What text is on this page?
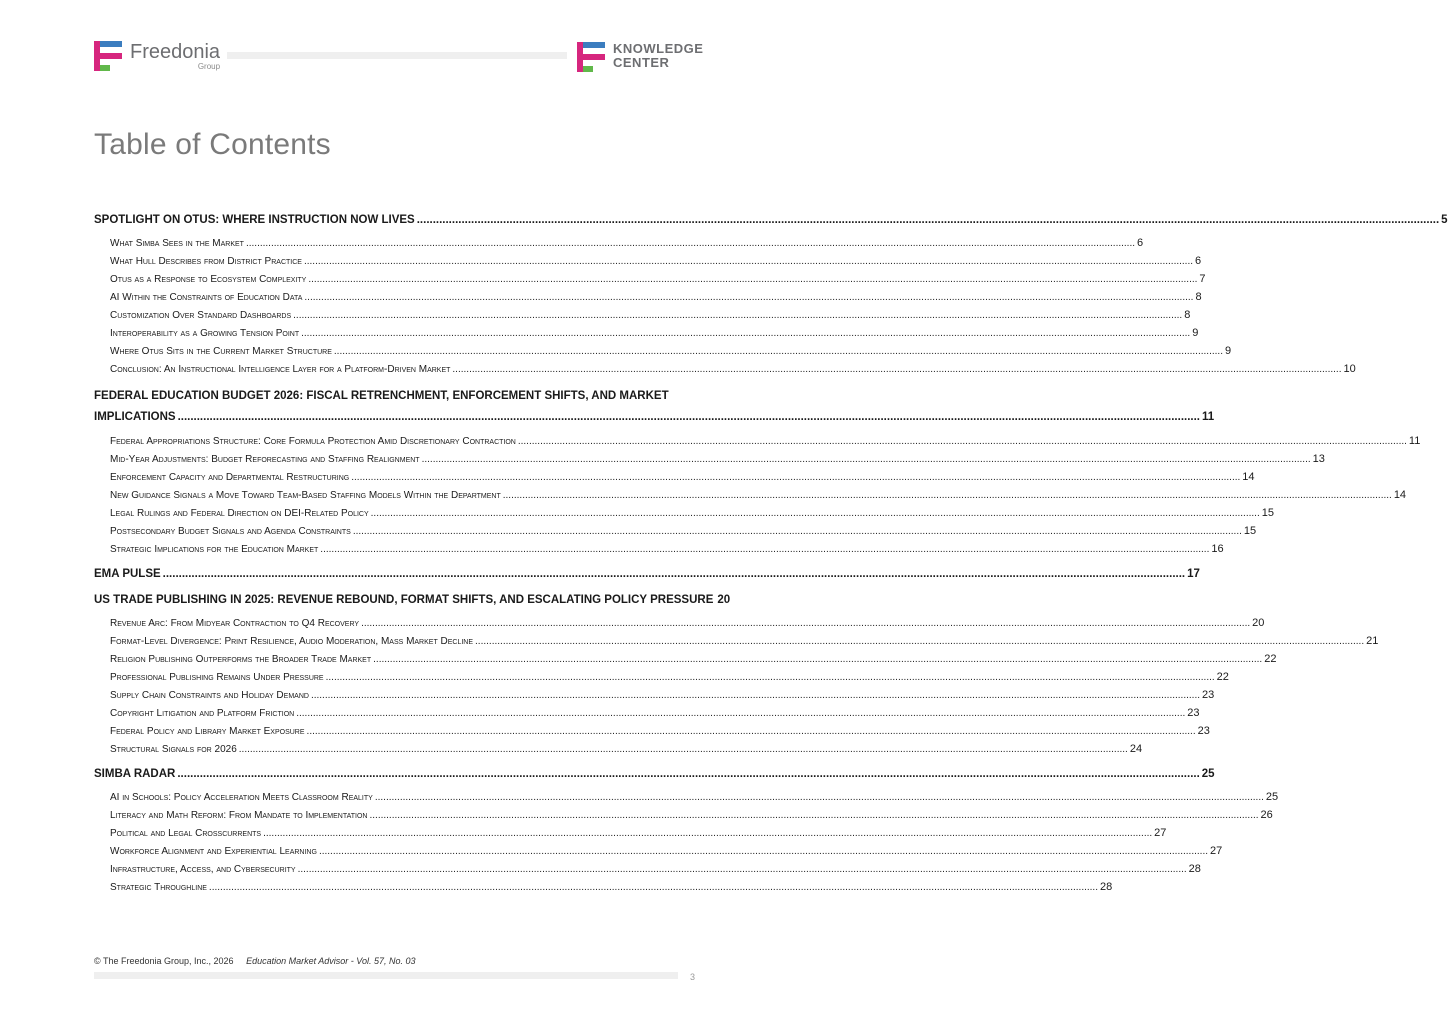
Freedonia
Group
KNOWLEDGE
CENTER
Table of Contents
SPOTLIGHT ON OTUS: WHERE INSTRUCTION NOW LIVES .....	5
What Simba Sees in the Market .....	6
What Hull Describes from District Practice .....	6
Otus as a Response to Ecosystem Complexity .....	7
AI Within the Constraints of Education Data .....	8
Customization Over Standard Dashboards .....	8
Interoperability as a Growing Tension Point .....	9
Where Otus Sits in the Current Market Structure .....	9
Conclusion: An Instructional Intelligence Layer for a Platform-Driven Market .....	10
FEDERAL EDUCATION BUDGET 2026: FISCAL RETRENCHMENT, ENFORCEMENT SHIFTS, AND MARKET
IMPLICATIONS .....	11
Federal Appropriations Structure: Core Formula Protection Amid Discretionary Contraction .....	11
Mid-Year Adjustments: Budget Reforecasting and Staffing Realignment .....	13
Enforcement Capacity and Departmental Restructuring .....	14
New Guidance Signals a Move Toward Team-Based Staffing Models Within the Department .....	14
Legal Rulings and Federal Direction on DEI-Related Policy .....	15
Postsecondary Budget Signals and Agenda Constraints .....	15
Strategic Implications for the Education Market .....	16
EMA PULSE .....	17
US TRADE PUBLISHING IN 2025: REVENUE REBOUND, FORMAT SHIFTS, AND ESCALATING POLICY PRESSURE 20
Revenue Arc: From Midyear Contraction to Q4 Recovery .....	20
Format-Level Divergence: Print Resilience, Audio Moderation, Mass Market Decline .....	21
Religion Publishing Outperforms the Broader Trade Market .....	22
Professional Publishing Remains Under Pressure .....	22
Supply Chain Constraints and Holiday Demand .....	23
Copyright Litigation and Platform Friction .....	23
Federal Policy and Library Market Exposure .....	23
Structural Signals for 2026 .....	24
SIMBA RADAR .....	25
AI in Schools: Policy Acceleration Meets Classroom Reality .....	25
Literacy and Math Reform: From Mandate to Implementation .....	26
Political and Legal Crosscurrents .....	27
Workforce Alignment and Experiential Learning .....	27
Infrastructure, Access, and Cybersecurity .....	28
Strategic Throughline .....	28
© The Freedonia Group, Inc., 2026 Education Market Advisor - Vol. 57, No. 03
3
